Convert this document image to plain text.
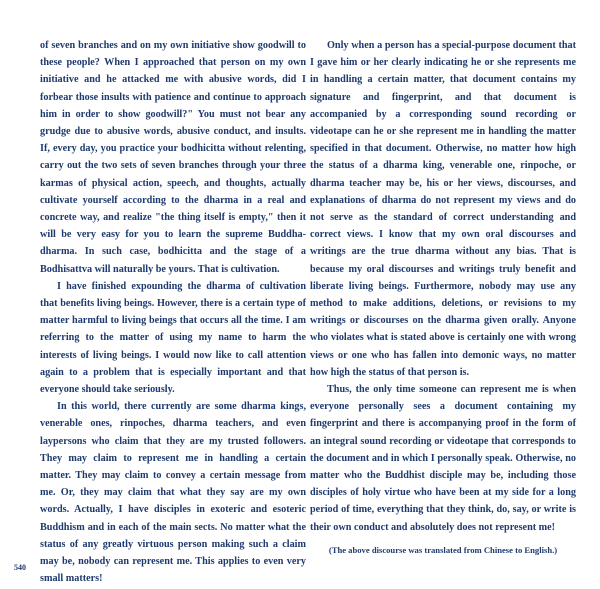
of seven branches and on my own initiative show goodwill to these people? When I approached that person on my own initiative and he attacked me with abusive words, did I forbear those insults with patience and continue to approach him in order to show goodwill?" You must not bear any grudge due to abusive words, abusive conduct, and insults. If, every day, you practice your bodhicitta without relenting, carry out the two sets of seven branches through your three karmas of physical action, speech, and thoughts, actually cultivate yourself according to the dharma in a real and concrete way, and realize "the thing itself is empty," then it will be very easy for you to learn the supreme Buddha-dharma. In such case, bodhicitta and the stage of a Bodhisattva will naturally be yours. That is cultivation.

I have finished expounding the dharma of cultivation that benefits living beings. However, there is a certain type of matter harmful to living beings that occurs all the time. I am referring to the matter of using my name to harm the interests of living beings. I would now like to call attention again to a problem that is especially important and that everyone should take seriously.

In this world, there currently are some dharma kings, venerable ones, rinpoches, dharma teachers, and even laypersons who claim that they are my trusted followers. They may claim to represent me in handling a certain matter. They may claim to convey a certain message from me. Or, they may claim that what they say are my own words. Actually, I have disciples in exoteric and esoteric Buddhism and in each of the main sects. No matter what the status of any greatly virtuous person making such a claim may be, nobody can represent me. This applies to even very small matters!

Only when a person has a special-purpose document that I gave him or her clearly indicating he or she represents me in handling a certain matter, that document contains my signature and fingerprint, and that document is accompanied by a corresponding sound recording or videotape can he or she represent me in handling the matter specified in that document. Otherwise, no matter how high the status of a dharma king, venerable one, rinpoche, or dharma teacher may be, his or her views, discourses, and explanations of dharma do not represent my views and do not serve as the standard of correct understanding and correct views. I know that my own oral discourses and writings are the true dharma without any bias. That is because my oral discourses and writings truly benefit and liberate living beings. Furthermore, nobody may use any method to make additions, deletions, or revisions to my writings or discourses on the dharma given orally. Anyone who violates what is stated above is certainly one with wrong views or one who has fallen into demonic ways, no matter how high the status of that person is.

Thus, the only time someone can represent me is when everyone personally sees a document containing my fingerprint and there is accompanying proof in the form of an integral sound recording or videotape that corresponds to the document and in which I personally speak. Otherwise, no matter who the Buddhist disciple may be, including those disciples of holy virtue who have been at my side for a long period of time, everything that they think, do, say, or write is their own conduct and absolutely does not represent me!

(The above discourse was translated from Chinese to English.)

540
